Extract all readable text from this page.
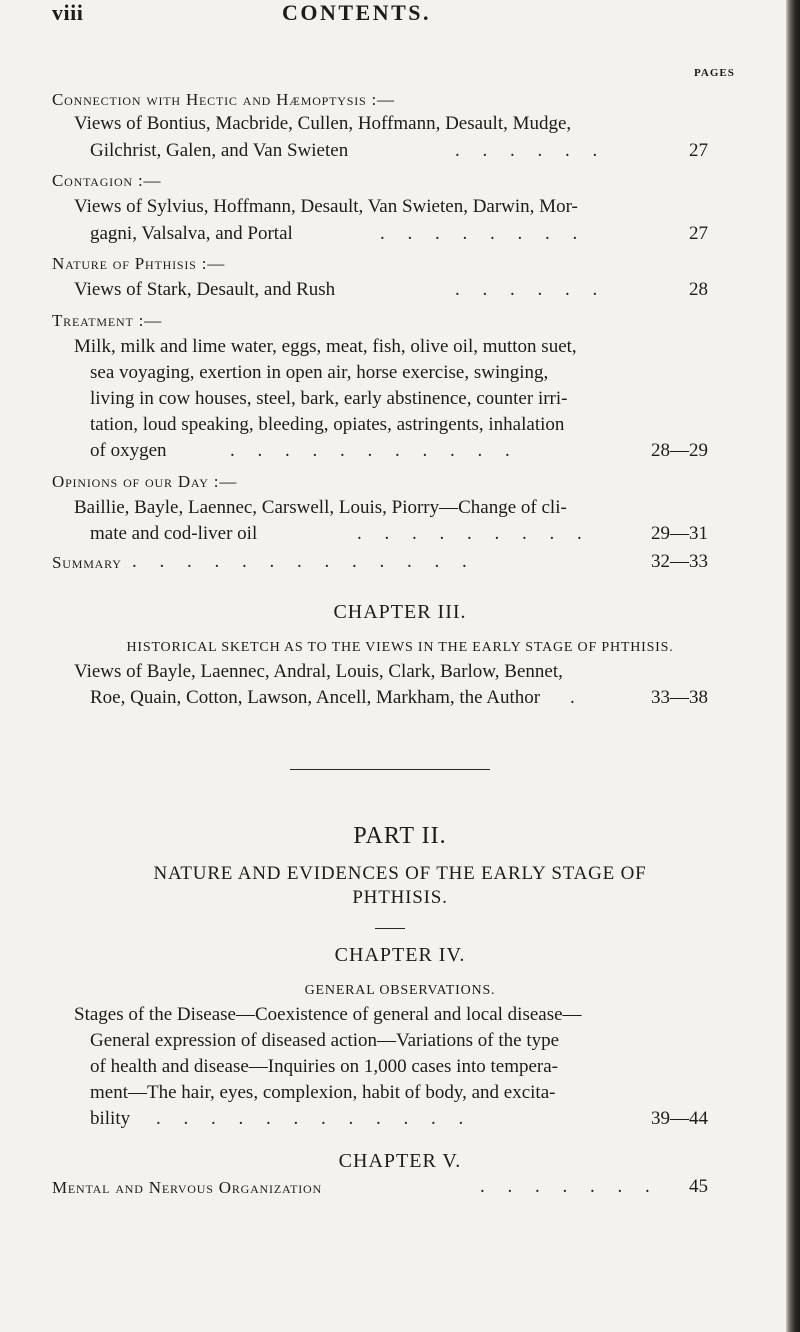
viii	CONTENTS.
PAGES
Connection with Hectic and Hæmoptysis :—
Views of Bontius, Macbride, Cullen, Hoffmann, Desault, Mudge,
Gilchrist, Galen, and Van Swieten	. . . . . .	27
Contagion :—
Views of Sylvius, Hoffmann, Desault, Van Swieten, Darwin, Mor-
gagni, Valsalva, and Portal	. . . . . . . .	27
Nature of Phthisis :—
Views of Stark, Desault, and Rush	. . . . . .	28
Treatment :—
Milk, milk and lime water, eggs, meat, fish, olive oil, mutton suet,
sea voyaging, exertion in open air, horse exercise, swinging,
living in cow houses, steel, bark, early abstinence, counter irri-
tation, loud speaking, bleeding, opiates, astringents, inhalation
of oxygen	. . . . . . . . . . .	28—29
Opinions of our Day :—
Baillie, Bayle, Laennec, Carswell, Louis, Piorry—Change of cli-
mate and cod-liver oil	. . . . . . . . .	29—31
Summary . . . . . . . . . . . . .	32—33
CHAPTER III.
HISTORICAL SKETCH AS TO THE VIEWS IN THE EARLY STAGE OF PHTHISIS.
Views of Bayle, Laennec, Andral, Louis, Clark, Barlow, Bennet,
Roe, Quain, Cotton, Lawson, Ancell, Markham, the Author .	33—38
PART II.
NATURE AND EVIDENCES OF THE EARLY STAGE OF
PHTHISIS.
CHAPTER IV.
GENERAL OBSERVATIONS.
Stages of the Disease—Coexistence of general and local disease—
General expression of diseased action—Variations of the type
of health and disease—Inquiries on 1,000 cases into tempera-
ment—The hair, eyes, complexion, habit of body, and excita-
bility . . . . . . . . . . . .	39—44
CHAPTER V.
Mental and Nervous Organization	. . . . . . .	45
